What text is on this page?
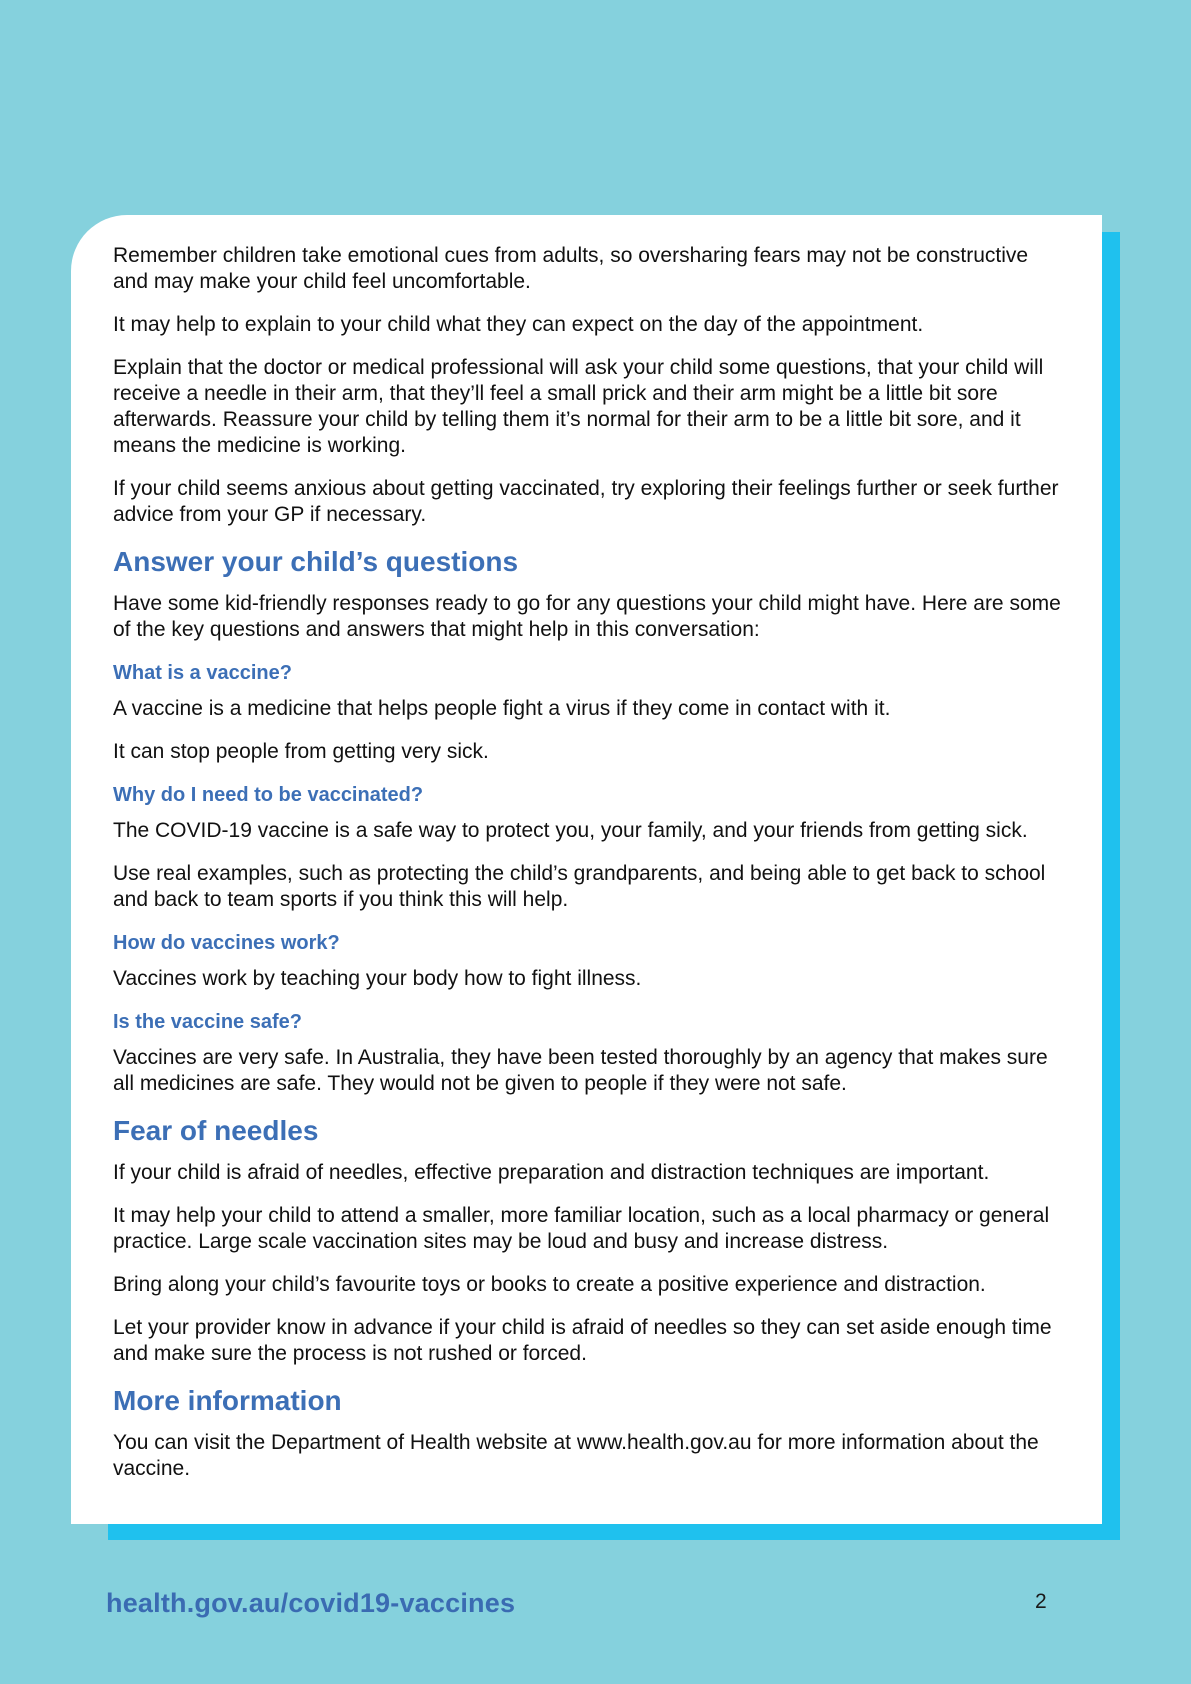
Remember children take emotional cues from adults, so oversharing fears may not be constructive and may make your child feel uncomfortable.

It may help to explain to your child what they can expect on the day of the appointment.

Explain that the doctor or medical professional will ask your child some questions, that your child will receive a needle in their arm, that they’ll feel a small prick and their arm might be a little bit sore afterwards. Reassure your child by telling them it’s normal for their arm to be a little bit sore, and it means the medicine is working.

If your child seems anxious about getting vaccinated, try exploring their feelings further or seek further advice from your GP if necessary.

Answer your child’s questions

Have some kid-friendly responses ready to go for any questions your child might have. Here are some of the key questions and answers that might help in this conversation:

What is a vaccine?

A vaccine is a medicine that helps people fight a virus if they come in contact with it.

It can stop people from getting very sick.

Why do I need to be vaccinated?

The COVID-19 vaccine is a safe way to protect you, your family, and your friends from getting sick.

Use real examples, such as protecting the child’s grandparents, and being able to get back to school and back to team sports if you think this will help.

How do vaccines work?

Vaccines work by teaching your body how to fight illness.

Is the vaccine safe?

Vaccines are very safe. In Australia, they have been tested thoroughly by an agency that makes sure all medicines are safe. They would not be given to people if they were not safe.

Fear of needles

If your child is afraid of needles, effective preparation and distraction techniques are important.

It may help your child to attend a smaller, more familiar location, such as a local pharmacy or general practice. Large scale vaccination sites may be loud and busy and increase distress.

Bring along your child’s favourite toys or books to create a positive experience and distraction.

Let your provider know in advance if your child is afraid of needles so they can set aside enough time and make sure the process is not rushed or forced.

More information

You can visit the Department of Health website at www.health.gov.au for more information about the vaccine.

health.gov.au/covid19-vaccines	2
